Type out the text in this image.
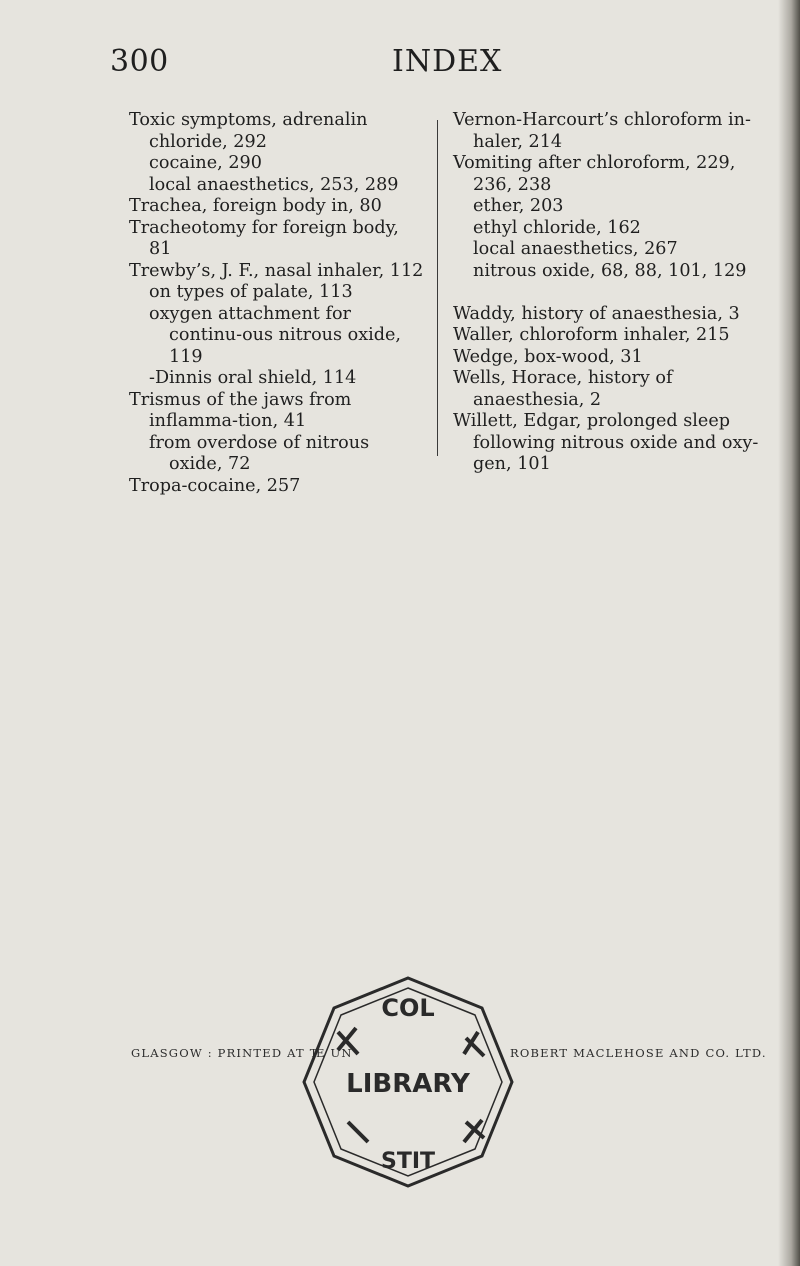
300	INDEX
Toxic symptoms, adrenalin chloride, 292
cocaine, 290
local anaesthetics, 253, 289
Trachea, foreign body in, 80
Tracheotomy for foreign body, 81
Trewby’s, J. F., nasal inhaler, 112
on types of palate, 113
oxygen attachment for continu-ous nitrous oxide, 119
-Dinnis oral shield, 114
Trismus of the jaws from inflamma-tion, 41
from overdose of nitrous oxide, 72
Tropa-cocaine, 257
Vernon-Harcourt’s chloroform in-haler, 214
Vomiting after chloroform, 229, 236, 238
ether, 203
ethyl chloride, 162
local anaesthetics, 267
nitrous oxide, 68, 88, 101, 129
Waddy, history of anaesthesia, 3
Waller, chloroform inhaler, 215
Wedge, box-wood, 31
Wells, Horace, history of anaesthesia, 2
Willett, Edgar, prolonged sleep following nitrous oxide and oxy-gen, 101
GLASGOW : PRINTED AT T
E UN	ROBERT MACLEHOSE AND CO. LTD.
COL
LIBRARY
STIT
